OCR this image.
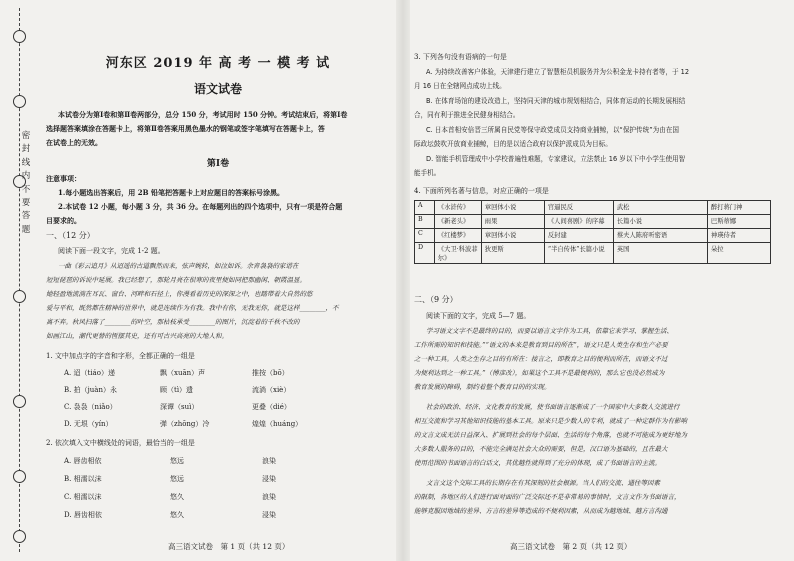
密 封 线 内 不 要 答 题
河东区 2019 年 高 考 一 模 考 试
语文试卷
本试卷分为第Ⅰ卷和第Ⅱ卷两部分，总分 150 分，考试用时 150 分钟。考试结束后，将第Ⅰ卷
选择题答案填涂在答题卡上，将第Ⅱ卷答案用黑色墨水的钢笔或签字笔填写在答题卡上，答
在试卷上的无效。
第Ⅰ卷
注意事项：
1.每小题选出答案后，用 2B 铅笔把答题卡上对应题目的答案标号涂黑。
2.本试卷 12 小题，每小题 3 分，共 36 分。在每题列出的四个选项中，只有一项是符合题
目要求的。
一、（12 分）
阅读下面一段文字，完成 1-2 题。
一曲《彩云追月》从迢遥的古道飘然而来，弦声婉转，如泣如诉。余音袅袅的家谱在
短短琵琶的诉说中延展。我已经想了，那轮月亮在很寒的夜里便如同把那幽闲、朝霞温显。
她轻盈地流淌在耳瓦、窗台、河畔和石径上，你漫看着历史的深深之中，也踏带着大自然的悠
爱与平和，既然都在精神的世界中，就是连续作为有我。我中有你，无我无你，就是这样________，不
离不弃。秋风扫落了________的叶空，那枯枝承受________的图片，沉淀着的千秋不改的
如画江山，潮代更替的恆摆其史，还有可古兴高亮的大地人和。
1. 文中加点字的字音和字形，全都正确的一组是
A. 迢（tiáo）递	飘（xuān）声	推按（bō）
B. 拍（juàn）永	顾（tì）遗	流淌（xiè）
C. 袅袅（niǎo）	深谭（suì）	更叠（dié）
D. 无垠（yín）	弹（zhōng）冷	煌煌（huáng）
2. 依次填入文中横线处的词语，最恰当的一组是
A. 唇齿相依	悠远	浪染
B. 相濡以沫	悠远	浸染
C. 相濡以沫	悠久	浪染
D. 唇齿相依	悠久	浸染
高三语文试卷　第 1 页（共 12 页）
3. 下列各句没有语病的一句是
A. 为持续改善客户体验，天津建行建立了智慧柜员机服务并为公积金龙卡持有者等，于 12
月 16 日在全辖网点成功上线。
B. 在体育场馆的建设改造上，坚持同天津的城市规划相结合，同体育运动的长期发展相结
合，同有利于推进全民健身相结合。
C. 日本首相安倍晋三所属自民党等保守政党成员支持商业捕鲸，以“保护传统”为由在国
际政坛鼓吹开放商业捕鲸，目的是以适合政府以保护派成员为目标。
D. 智能手机管理成中小学校普遍性难题，专家建议，立法禁止 16 岁以下中小学生使用智
能手机。
4. 下面所列名著与信息，对应正确的一项是
A	《水浒传》	章回体小说	官逼民反	武松	醉打蒋门神
B	《新老头》	雨果	《人间喜剧》的序幕	长篇小说	巴斯蒂娜
C	《红楼梦》	章回体小说	反封建	蔡夫人陈府听密语	神瑛侍者
D	《大卫·科波菲尔》	狄更斯	“半自传体”长篇小说	英国	朵拉
二、（9 分）
阅读下面的文字，完成 5—7 题。
学习语文文字不是最终的目的，而要以语言文字作为工具，依靠它来学习、掌握生活、
工作所需的知识和技能。”“语文的本来是教育到目的所在”，语文只是人类生存和生产必要
之一种工具。人类之生存之目的有所在：接言之，即教育之目的便利而所在，而语文不过
为便利达到之一种工具。”（傅彦改），如果这个工具不是最便利的，那么它也没必然成为
教育发展的障碍，制约着整个教育目的的实现。
社会的政治、经济、文化教育的发展，使书面语言逐渐成了一个国家中大多数人交流进行
相互交流和学习其他知识技能的基本工具。原来只是少数人的专利，就成了一种定群作为有影响
的文言文成无法日益深入、扩展到社会的每个层面、生活的每个角落，也就不可能成为更好地为
大多数人服务的目的，不能完全满足社会大众的需要，但是，汉口语为基础的，且在最大
使用范围的书面语言的白话文，其优越性就得到了充分的体现，成了书面语言的主流。
文言文这个交际工具的长期存在有其深刻的社会根源。当人们的交流、通往等因素
的限制，各地区的人们进行面对面的广泛交际还不是非常易的事情时，文言文作为书面语言，
能够克服因地域的差异、方言的差异等造成的不便利因素，从而成为越地域、越方言沟通
高三语文试卷　第 2 页（共 12 页）
